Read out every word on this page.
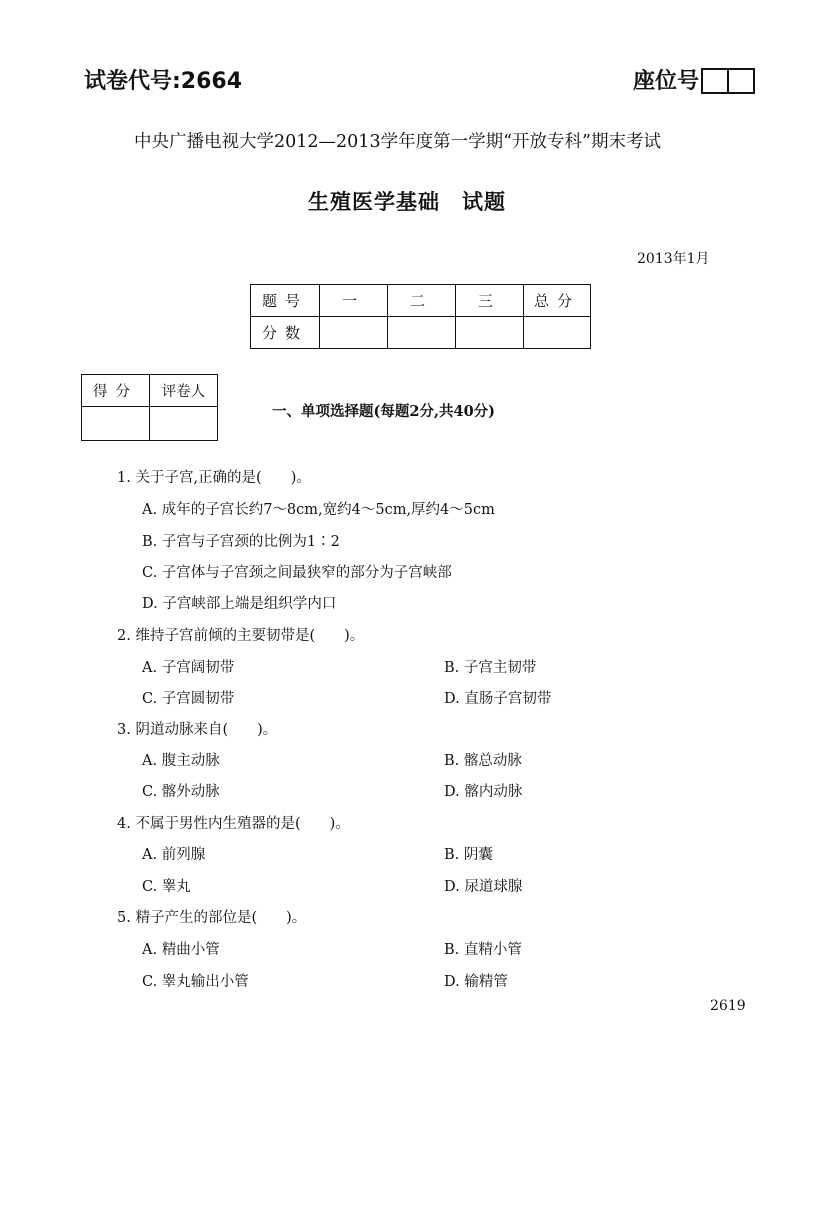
试卷代号:2664	座位号
中央广播电视大学2012—2013学年度第一学期“开放专科”期末考试
生殖医学基础　试题
2013年1月
题号	一	二	三	总分
分数				
得分	评卷人

一、单项选择题(每题2分,共40分)
1. 关于子宫,正确的是(　　)。
A. 成年的子宫长约7～8cm,宽约4～5cm,厚约4～5cm
B. 子宫与子宫颈的比例为1∶2
C. 子宫体与子宫颈之间最狭窄的部分为子宫峡部
D. 子宫峡部上端是组织学内口
2. 维持子宫前倾的主要韧带是(　　)。
A. 子宫阔韧带	B. 子宫主韧带
C. 子宫圆韧带	D. 直肠子宫韧带
3. 阴道动脉来自(　　)。
A. 腹主动脉	B. 髂总动脉
C. 髂外动脉	D. 髂内动脉
4. 不属于男性内生殖器的是(　　)。
A. 前列腺	B. 阴囊
C. 睾丸	D. 尿道球腺
5. 精子产生的部位是(　　)。
A. 精曲小管	B. 直精小管
C. 睾丸输出小管	D. 输精管
2619
